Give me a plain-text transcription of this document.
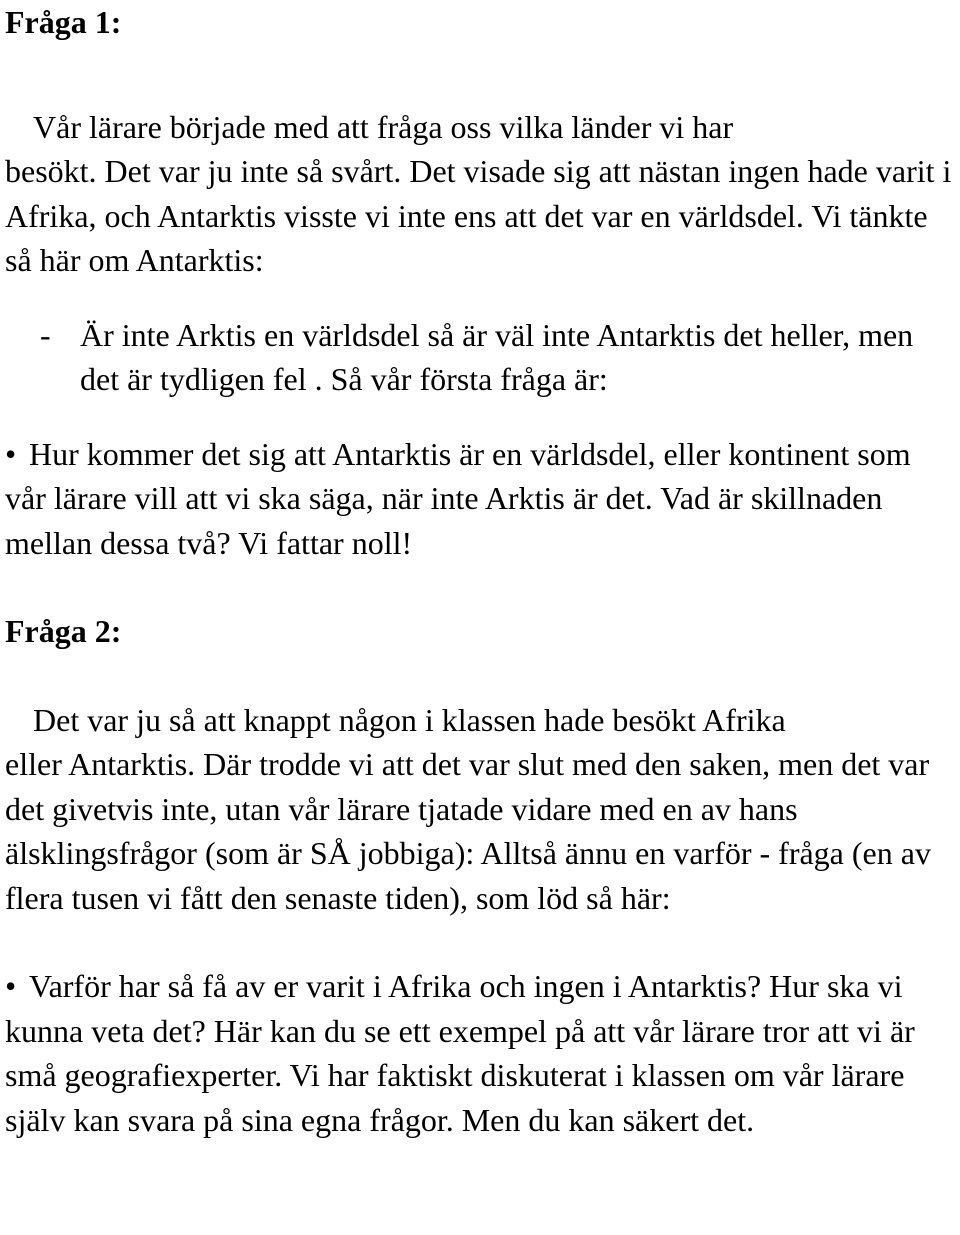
Fråga 1:
Vår lärare började med att fråga oss vilka länder vi har
besökt. Det var ju inte så svårt. Det visade sig att nästan ingen hade varit i Afrika, och Antarktis visste vi inte ens att det var en världsdel. Vi tänkte så här om Antarktis:
- Är inte Arktis en världsdel så är väl inte Antarktis det heller, men det är tydligen fel . Så vår första fråga är:
• Hur kommer det sig att Antarktis är en världsdel, eller kontinent som vår lärare vill att vi ska säga, när inte Arktis är det. Vad är skillnaden mellan dessa två? Vi fattar noll!
Fråga 2:
Det var ju så att knappt någon i klassen hade besökt Afrika
eller Antarktis. Där trodde vi att det var slut med den saken, men det var det givetvis inte, utan vår lärare tjatade vidare med en av hans älsklingsfrågor (som är SÅ jobbiga): Alltså ännu en varför - fråga (en av flera tusen vi fått den senaste tiden), som löd så här:
• Varför har så få av er varit i Afrika och ingen i Antarktis? Hur ska vi kunna veta det? Här kan du se ett exempel på att vår lärare tror att vi är små geografiexperter. Vi har faktiskt diskuterat i klassen om vår lärare själv kan svara på sina egna frågor. Men du kan säkert det.
